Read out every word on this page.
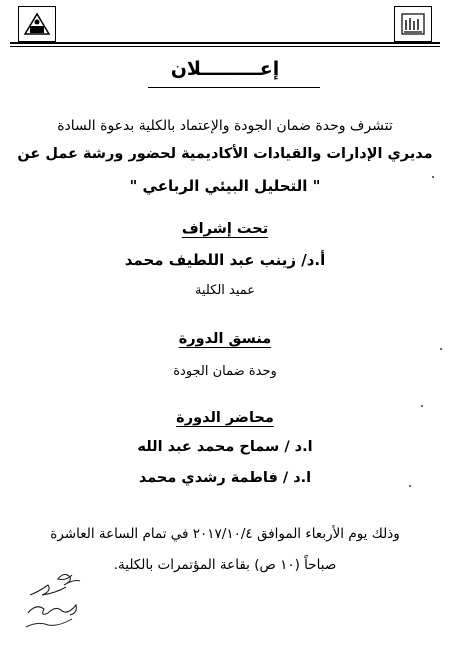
إعـــــــــلان
تتشرف وحدة ضمان الجودة والإعتماد بالكلية بدعوة السادة
مديري الإدارات والقيادات الأكاديمية لحضور ورشة عمل عن
" التحليل البيئي الرباعي "
تحت إشراف
أ.د/ زينب عبد اللطيف محمد
عميد الكلية
منسق الدورة
وحدة ضمان الجودة
محاضر الدورة
ا.د / سماح محمد عبد الله
ا.د / فاطمة رشدي محمد
وذلك يوم الأربعاء الموافق ٢٠١٧/١٠/٤ في تمام الساعة العاشرة
صباحاً (١٠ ص) بقاعة المؤتمرات بالكلية.
